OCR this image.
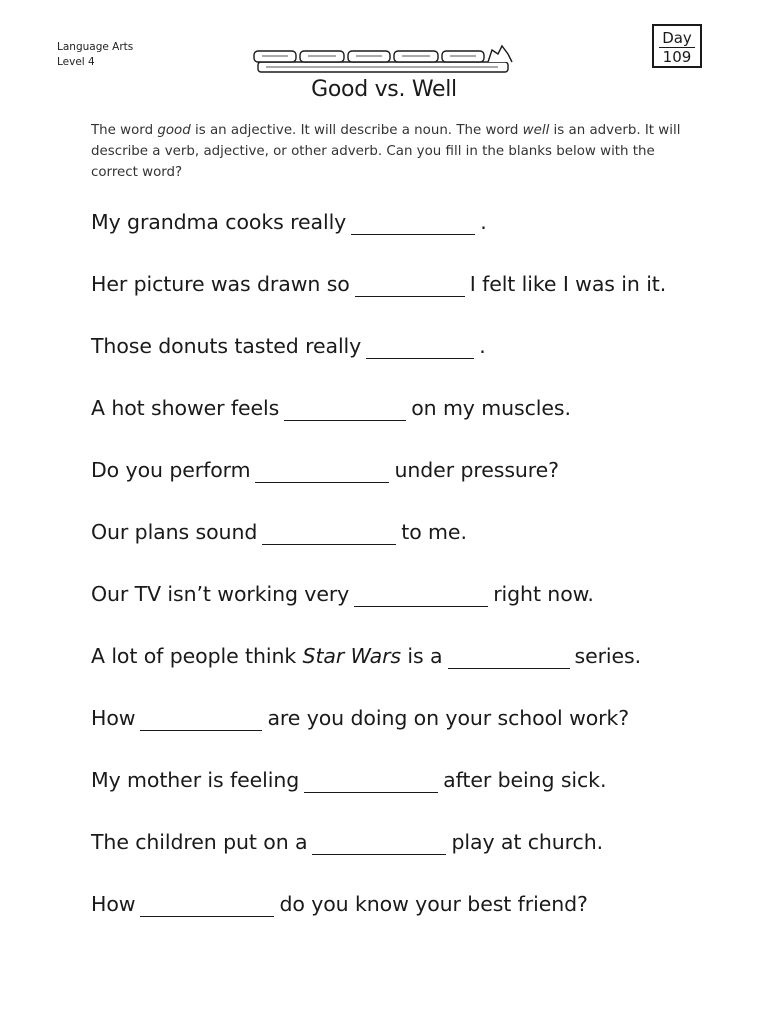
Language Arts
Level 4
Day
109
Good vs. Well
The word good is an adjective. It will describe a noun. The word well is an adverb. It will describe a verb, adjective, or other adverb. Can you fill in the blanks below with the correct word?
My grandma cooks really	.
Her picture was drawn so	I felt like I was in it.
Those donuts tasted really	.
A hot shower feels	on my muscles.
Do you perform	under pressure?
Our plans sound	to me.
Our TV isn’t working very	right now.
A lot of people think Star Wars is a	series.
How	are you doing on your school work?
My mother is feeling	after being sick.
The children put on a	play at church.
How	do you know your best friend?
